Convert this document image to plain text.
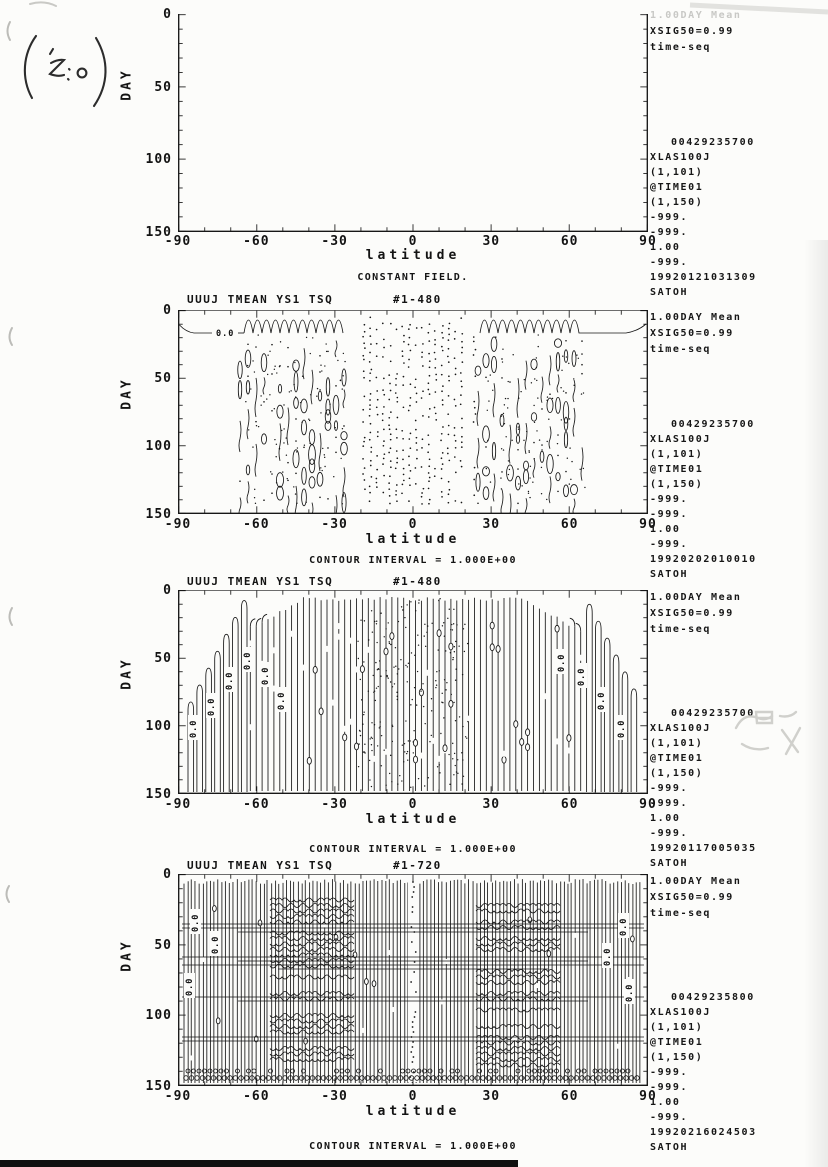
DAY
0
50
100
150
-90	-60	-30	0	30	60	90
latitude
CONSTANT FIELD.
1.00DAY Mean
XSIG50=0.99
time-seq
00429235700
XLAS100J
(1,101)
@TIME01
(1,150)
-999.
-999.
1.00
-999.
19920121031309
SATOH
UUUJ TMEAN YS1 TSQ	#1-480
DAY
0
50
100
150
0.0
-90	-60	-30	0	30	60	90
latitude
CONTOUR INTERVAL = 1.000E+00
1.00DAY Mean
XSIG50=0.99
time-seq
00429235700
XLAS100J
(1,101)
@TIME01
(1,150)
-999.
-999.
1.00
-999.
19920202010010
SATOH
UUUJ TMEAN YS1 TSQ	#1-480
DAY
0
50
100
150
0.0
0.0
0.0
0.0
0.0
0.0
0.0
0.0
0.0
0.0
-90	-60	-30	0	30	60	90
latitude
CONTOUR INTERVAL = 1.000E+00
1.00DAY Mean
XSIG50=0.99
time-seq
00429235700
XLAS100J
(1,101)
@TIME01
(1,150)
-999.
-999.
1.00
-999.
19920117005035
SATOH
UUUJ TMEAN YS1 TSQ	#1-720
DAY
0
50
100
150
0.0
0.0
0.0
0.0
0.0
0.0
-90	-60	-30	0	30	60	90
latitude
CONTOUR INTERVAL = 1.000E+00
1.00DAY Mean
XSIG50=0.99
time-seq
00429235800
XLAS100J
(1,101)
@TIME01
(1,150)
-999.
-999.
1.00
-999.
19920216024503
SATOH
